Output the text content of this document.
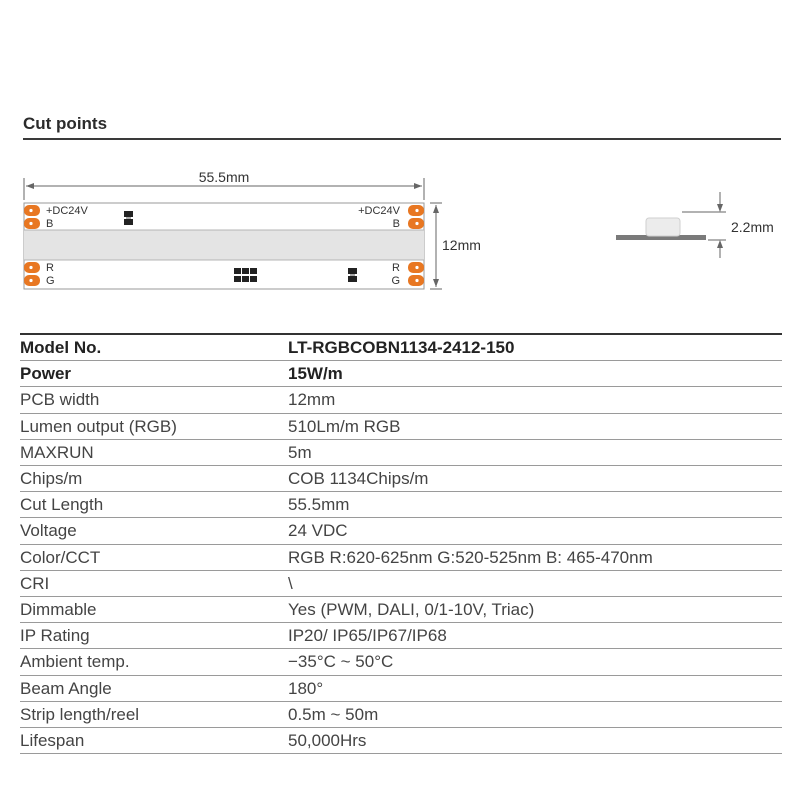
Cut points
55.5mm
+DC24V
B
R
G
+DC24V
B
R
G
12mm
2.2mm
Model No.	LT-RGBCOBN1134-2412-150
Power	15W/m
PCB width	12mm
Lumen output (RGB)	510Lm/m RGB
MAXRUN	5m
Chips/m	COB 1134Chips/m
Cut Length	55.5mm
Voltage	24 VDC
Color/CCT	RGB R:620-625nm G:520-525nm B: 465-470nm
CRI	\
Dimmable	Yes (PWM, DALI, 0/1-10V, Triac)
IP Rating	IP20/ IP65/IP67/IP68
Ambient temp.	−35°C ~ 50°C
Beam Angle	180°
Strip length/reel	0.5m ~ 50m
Lifespan	50,000Hrs
